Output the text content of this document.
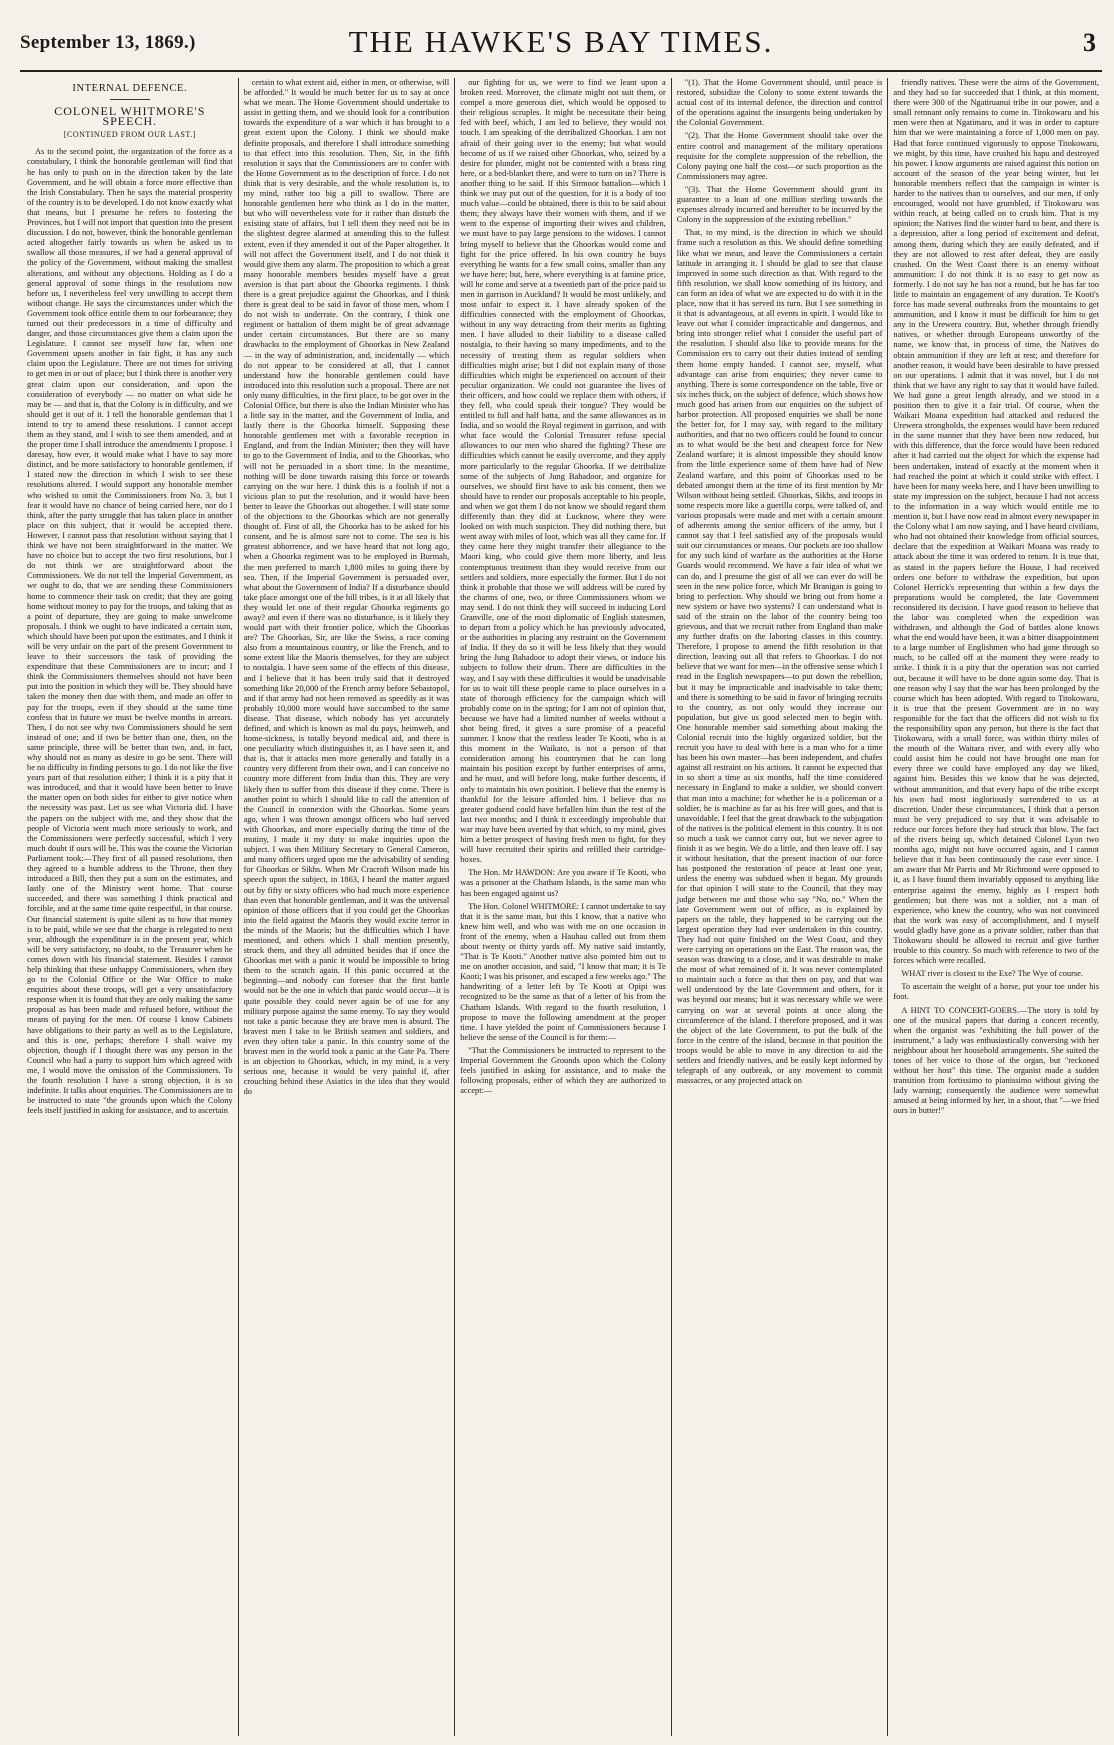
September 13, 1869.)	THE HAWKE'S BAY TIMES.	3
INTERNAL DEFENCE.
COLONEL WHITMORE'S SPEECH.
[CONTINUED FROM OUR LAST.]

As to the second point, the organization of the force as a constabulary, I think the honorable gentleman will find that he has only to push on in the direction taken by the late Government, and he will obtain a force more effective than the Irish Constabulary. Then he says the material prosperity of the country is to be developed. I do not know exactly what that means, but I presume he refers to fostering the Provinces, but I will not import that question into the present discussion. I do not, however, think the honorable gentleman acted altogether fairly towards us when he asked us to swallow all those measures, if we had a general approval of the policy of the Government, without making the smallest alterations, and without any objections. Holding as I do a general approval of some things in the resolutions now before us, I nevertheless feel very unwilling to accept them without change. He says the circumstances under which the Government took office entitle them to our forbearance; they turned out their predecessors in a time of difficulty and danger, and those circumstances give them a claim upon the Legislature. I cannot see myself how far, when one Government upsets another in fair fight, it has any such claim upon the Legislature. There are not times for striving to get men in or out of place; but I think there is another very great claim upon our consideration, and upon the consideration of everybody — no matter on what side he may be — and that is, that the Colony is in difficulty, and we should get it out of it. I tell the honorable gentleman that I intend to try to amend these resolutions. I cannot accept them as they stand, and I wish to see them amended, and at the proper time I shall introduce the amendments I propose. I daresay, how ever, it would make what I have to say more distinct, and be more satisfactory to honorable gentlemen, if I stated now the direction in which I wish to see these resolutions altered. I would support any honorable member who wished to omit the Commissioners from No. 3, but I fear it would have no chance of being carried here, nor do I think, after the party struggle that has taken place in another place on this subject, that it would be accepted there. However, I cannot pass that resolution without saying that I think we have not been straightforward in the matter. We have no choice but to accept the two first resolutions, but I do not think we are straightforward about the Commissioners. We do not tell the Imperial Government, as we ought to do, that we are sending these Commissioners home to commence their task on credit; that they are going home without money to pay for the troops, and taking that as a point of departure, they are going to make unwelcome proposals. I think we ought to have indicated a certain sum, which should have been put upon the estimates, and I think it will be very unfair on the part of the present Government to leave to their successors the task of providing the expenditure that these Commissioners are to incur; and I think the Commissioners themselves should not have been put into the position in which they will be. They should have taken the money then due with them, and made an offer to pay for the troops, even if they should at the same time confess that in future we must be twelve months in arrears. Then, I do not see why two Commissioners should be sent instead of one; and if two be better than one, then, on the same principle, three will be better than two, and, in fact, why should not as many as desire to go be sent. There will be no difficulty in finding persons to go. I do not like the five years part of that resolution either; I think it is a pity that it was introduced, and that it would have been better to leave the matter open on both sides for either to give notice when the necessity was past. Let us see what Victoria did. I have the papers on the subject with me, and they show that the people of Victoria went much more seriously to work, and the Commissioners were perfectly successful, which I very much doubt if ours will be. This was the course the Victorian Parliament took:—They first of all passed resolutions, then they agreed to a humble address to the Throne, then they introduced a Bill, then they put a sum on the estimates, and lastly one of the Ministry went home. That course succeeded, and there was something I think practical and forcible, and at the same time quite respectful, in that course. Our financial statement is quite silent as to how that money is to be paid, while we see that the charge is relegated to next year, although the expenditure is in the present year, which will be very satisfactory, no doubt, to the Treasurer when he comes down with his financial statement. Besides I cannot help thinking that these unhappy Commissioners, when they go to the Colonial Office or the War Office to make enquiries about these troops, will get a very unsatisfactory response when it is found that they are only making the same proposal as has been made and refused before, without the means of paying for the men. Of course I know Cabinets have obligations to their party as well as to the Legislature, and this is one, perhaps; therefore I shall waive my objection, though if I thought there was any person in the Council who had a party to support him which agreed with me, I would move the omission of the Commissioners. To the fourth resolution I have a strong objection, it is so indefinite. It talks about enquiries. The Commissioners are to be instructed to state "the grounds upon which the Colony feels itself justified in asking for assistance, and to ascertain

certain to what extent aid, either in men, or otherwise, will be afforded." It would be much better for us to say at once what we mean. The Home Government should undertake to assist in getting them, and we should look for a contribution towards the expenditure of a war which it has brought to a great extent upon the Colony. I think we should make definite proposals, and therefore I shall introduce something to that effect into this resolution. Then, Sir, in the fifth resolution it says that the Commissioners are to confer with the Home Government as to the description of force. I do not think that is very desirable, and the whole resolution is, to my mind, rather too big a pill to swallow. There are honorable gentlemen here who think as I do in the matter, but who will nevertheless vote for it rather than disturb the existing state of affairs, but I tell them they need not be in the slightest degree alarmed at amending this to the fullest extent, even if they amended it out of the Paper altogether. It will not affect the Government itself, and I do not think it would give them any alarm. The proposition to which a great many honorable members besides myself have a great aversion is that part about the Ghoorka regiments. I think there is a great prejudice against the Ghoorkas, and I think there is great deal to be said in favor of those men, whom I do not wish to underrate. On the contrary, I think one regiment or battalion of them might be of great advantage under certain circumstances. But there are so many drawbacks to the employment of Ghoorkas in New Zealand — in the way of administration, and, incidentally — which do not appear to be considered at all, that I cannot understand how the honorable gentlemen could have introduced into this resolution such a proposal. There are not only many difficulties, in the first place, to be got over in the Colonial Office, but there is also the Indian Minister who has a little say in the matter, and the Government of India, and lastly there is the Ghoorka himself. Supposing these honorable gentlemen met with a favorable reception in England, and from the Indian Minister; then they will have to go to the Government of India, and to the Ghoorkas, who will not be persuaded in a short time. In the meantime, nothing will be done towards raising this force or towards carrying on the war here. I think this is a foolish if not a vicious plan to put the resolution, and it would have been better to leave the Ghoorkas out altogether. I will state some of the objections to the Ghoorkas which are not generally thought of. First of all, the Ghoorka has to be asked for his consent, and he is almost sure not to come. The sea is his greatest abhorrence, and we have heard that not long ago, when a Ghoorka regiment was to be employed in Burmah, the men preferred to march 1,800 miles to going there by sea. Then, if the Imperial Government is persuaded over, what about the Government of India? If a disturbance should take place amongst one of the hill tribes, is it at all likely that they would let one of their regular Ghoorka regiments go away? and even if there was no disturbance, is it likely they would part with their frontier police, which the Ghoorkas are? The Ghoorkas, Sir, are like the Swiss, a race coming also from a mountainous country, or like the French, and to some extent like the Maoris themselves, for they are subject to nostalgia. I have seen some of the effects of this disease, and I believe that it has been truly said that it destroyed something like 20,000 of the French army before Sebastopol, and if that army had not been removed as speedily as it was probably 10,000 more would have succumbed to the same disease. That disease, which nobody has yet accurately defined, and which is known as mal du pays, heimweh, and home-sickness, is totally beyond medical aid, and there is one peculiarity which distinguishes it, as I have seen it, and that is, that it attacks men more generally and fatally in a country very different from their own, and I can conceive no country more different from India than this. They are very likely then to suffer from this disease if they come. There is another point to which I should like to call the attention of the Council in connexion with the Ghoorkas. Some years ago, when I was thrown amongst officers who had served with Ghoorkas, and more especially during the time of the mutiny, I made it my duty to make inquiries upon the subject. I was then Military Secretary to General Cameron, and many officers urged upon me the advisability of sending for Ghoorkas or Sikhs. When Mr Cracroft Wilson made his speech upon the subject, in 1863, I heard the matter argued out by fifty or sixty officers who had much more experience than even that honorable gentleman, and it was the universal opinion of those officers that if you could get the Ghoorkas into the field against the Maoris they would excite terror in the minds of the Maoris; but the difficulties which I have mentioned, and others which I shall mention presently, struck them, and they all admitted besides that if once the Ghoorkas met with a panic it would be impossible to bring them to the scratch again. If this panic occurred at the beginning—and nobody can foresee that the first battle would not be the one in which that panic would occur—it is quite possible they could never again be of use for any military purpose against the same enemy. To say they would not take a panic because they are brave men is absurd. The bravest men I take to be British seamen and soldiers, and even they often take a panic. In this country some of the bravest men in the world took a panic at the Gate Pa. There is an objection to Ghoorkas, which, in my mind, is a very serious one, because it would be very painful if, after crouching behind these Asiatics in the idea that they would do

our fighting for us, we were to find we leant upon a broken reed. Moreover, the climate might not suit them, or compel a more generous diet, which would be opposed to their religious scruples. It might be necessitate their being fed with beef, which, I am led to believe, they would not touch. I am speaking of the detribalized Ghoorkas. I am not afraid of their going over to the enemy; but what would become of us if we raised other Ghoorkas, who, seized by a desire for plunder, might not be contented with a brass ring here, or a bed-blanket there, and were to turn on us? There is another thing to be said. If this Sirmoor battalion—which I think we may put out of the question, for it is a body of too much value—could be obtained, there is this to be said about them; they always have their women with them, and if we went to the expense of importing their wives and children, we must have to pay large pensions to the widows. I cannot bring myself to believe that the Ghoorkas would come and fight for the price offered. In his own country he buys everything he wants for a few small coins, smaller than any we have here; but, here, where everything is at famine price, will he come and serve at a twentieth part of the price paid to men in garrison in Auckland? It would be most unlikely, and most unfair to expect it. I have already spoken of the difficulties connected with the employment of Ghoorkas, without in any way detracting from their merits as fighting men. I have alluded to their liability to a disease called nostalgia, to their having so many impediments, and to the necessity of treating them as regular soldiers when difficulties might arise; but I did not explain many of those difficulties which might be experienced on account of their peculiar organization. We could not guarantee the lives of their officers, and how could we replace them with others, if they fell, who could speak their tongue? They would be entitled to full and half batta, and the same allowances as in India, and so would the Royal regiment in garrison, and with what face would the Colonial Treasurer refuse special allowances to our men who shared the fighting? These are difficulties which cannot be easily overcome, and they apply more particularly to the regular Ghoorka. If we detribalize some of the subjects of Jung Bahadoor, and organize for ourselves, we should first have to ask his consent, then we should have to render our proposals acceptable to his people, and when we got them I do not know we should regard them differently than they did at Lucknow, where they were looked on with much suspicion. They did nothing there, but went away with miles of loot, which was all they came for. If they came here they might transfer their allegiance to the Maori king, who could give them more liberty, and less contemptuous treatment than they would receive from our settlers and soldiers, more especially the former. But I do not think it probable that those we will address will be cured by the charms of one, two, or three Commissioners whom we may send. I do not think they will succeed in inducing Lord Granville, one of the most diplomatic of English statesmen, to depart from a policy which he has previously advocated, or the authorities in placing any restraint on the Government of India. If they do so it will be less likely that they would bring the Jung Bahadoor to adopt their views, or induce his subjects to follow their drum. There are difficulties in the way, and I say with these difficulties it would be unadvisable for us to wait till these people came to place ourselves in a state of thorough efficiency for the campaign which will probably come on in the spring; for I am not of opinion that, because we have had a limited number of weeks without a shot being fired, it gives a sure promise of a peaceful summer. I know that the restless leader Te Kooti, who is at this moment in the Waikato, is not a person of that consideration among his countrymen that he can long maintain his position except by further enterprises of arms, and he must, and will before long, make further descents, if only to maintain his own position. I believe that the enemy is thankful for the leisure afforded him. I believe that no greater godsend could have befallen him than the rest of the last two months; and I think it exceedingly improbable that war may have been averted by that which, to my mind, gives him a better prospect of having fresh men to fight, for they will have recruited their spirits and refilled their cartridge-boxes.

The Hon. Mr HAWDON: Are you aware if Te Kooti, who was a prisoner at the Chatham Islands, is the same man who has been engaged against us?

The Hon. Colonel WHITMORE: I cannot undertake to say that it is the same man, but this I know, that a native who knew him well, and who was with me on one occasion in front of the enemy, when a Hauhau called out from them about twenty or thirty yards off. My native said instantly, "That is Te Kooti." Another native also pointed him out to me on another occasion, and said, "I know that man; it is Te Kooti; I was his prisoner, and escaped a few weeks ago." The handwriting of a letter left by Te Kooti at Opipi was recognized to be the same as that of a letter of his from the Chatham Islands. With regard to the fourth resolution, I propose to move the following amendment at the proper time. I have yielded the point of Commissioners because I believe the sense of the Council is for them:—

"That the Commissioners be instructed to represent to the Imperial Government the Grounds upon which the Colony feels justified in asking for assistance, and to make the following proposals, either of which they are authorized to accept:—

"(1). That the Home Government should, until peace is restored, subsidize the Colony to some extent towards the actual cost of its internal defence, the direction and control of the operations against the insurgents being undertaken by the Colonial Government.

"(2). That the Home Government should take over the entire control and management of the military operations requisite for the complete suppression of the rebellion, the Colony paying one half the cost—or such proportion as the Commissioners may agree.

"(3). That the Home Government should grant its guarantee to a loan of one million sterling towards the expenses already incurred and hereafter to be incurred by the Colony in the suppression of the existing rebellion."

That, to my mind, is the direction in which we should frame such a resolution as this. We should define something like what we mean, and leave the Commissioners a certain latitude in arranging it. I should be glad to see that clause improved in some such direction as that. With regard to the fifth resolution, we shall know something of its history, and can form an idea of what we are expected to do with it in the place, now that it has served its turn. But I see something in it that is advantageous, at all events in spirit. I would like to leave out what I consider impracticable and dangerous, and bring into stronger relief what I consider the useful part of the resolution. I should also like to provide means for the Commission ers to carry out their duties instead of sending them home empty handed. I cannot see, myself, what advantage can arise from enquiries; they never came to anything. There is some correspondence on the table, five or six inches thick, on the subject of defence, which shows how much good has arisen from our enquiries on the subject of harbor protection. All proposed enquiries we shall be none the better for, for I may say, with regard to the military authorities, and that no two officers could be found to concur as to what would be the best and cheapest force for New Zealand warfare; it is almost impossible they should know from the little experience some of them have had of New Zealand warfare, and this point of Ghoorkas used to be debated amongst them at the time of its first mention by Mr Wilson without being settled. Ghoorkas, Sikhs, and troops in some respects more like a guerilla corps, were talked of, and various proposals were made and met with a certain amount of adherents among the senior officers of the army, but I cannot say that I feel satisfied any of the proposals would suit our circumstances or means. Our pockets are too shallow for any such kind of warfare as the authorities at the Horse Guards would recommend. We have a fair idea of what we can do, and I presume the gist of all we can ever do will be seen in the new police force, which Mr Branigan is going to bring to perfection. Why should we bring out from home a new system or have two systems? I can understand what is said of the strain on the labor of the country being too grievous, and that we recruit rather from England than make any further drafts on the laboring classes in this country. Therefore, I propose to amend the fifth resolution in that direction, leaving out all that refers to Ghoorkas. I do not believe that we want for men—in the offensive sense which I read in the English newspapers—to put down the rebellion, but it may be impracticable and inadvisable to take them; and there is something to be said in favor of bringing recruits to the country, as not only would they increase our population, but give us good selected men to begin with. One honorable member said something about making the Colonial recruit into the highly organized soldier, but the recruit you have to deal with here is a man who for a time has been his own master—has been independent, and chafes against all restraint on his actions. It cannot be expected that in so short a time as six months, half the time considered necessary in England to make a soldier, we should convert that man into a machine; for whether he is a policeman or a soldier, he is machine as far as his free will goes, and that is unavoidable. I feel that the great drawback to the subjugation of the natives is the political element in this country. It is not so much a task we cannot carry out, but we never agree to finish it as we begin. We do a little, and then leave off. I say it without hesitation, that the present inaction of our force has postponed the restoration of peace at least one year, unless the enemy was subdued when it began. My grounds for that opinion I will state to the Council, that they may judge between me and those who say "No, no." When the late Government went out of office, as is explained by papers on the table, they happened to be carrying out the largest operation they had ever undertaken in this country. They had not quite finished on the West Coast, and they were carrying on operations on the East. The reason was, the season was drawing to a close, and it was desirable to make the most of what remained of it. It was never contemplated to maintain such a force as that then on pay, and that was well understood by the late Government and others, for it was beyond our means; but it was necessary while we were carrying on war at several points at once along the circumference of the island. I therefore proposed, and it was the object of the late Government, to put the bulk of the force in the centre of the island, because in that position the troops would be able to move in any direction to aid the settlers and friendly natives, and be easily kept informed by telegraph of any outbreak, or any movement to commit massacres, or any projected attack on

friendly natives. These were the aims of the Government, and they had so far succeeded that I think, at this moment, there were 300 of the Ngatiruanui tribe in our power, and a small remnant only remains to come in. Titokowaru and his men were then at Ngatimaru, and it was in order to capture him that we were maintaining a force of 1,000 men on pay. Had that force continued vigorously to oppose Titokowaru, we might, by this time, have crushed his hapu and destroyed his power. I know arguments are raised against this notion on account of the season of the year being winter, but let honorable members reflect that the campaign in winter is harder to the natives than to ourselves, and our men, if only encouraged, would not have grumbled, if Titokowaru was within reach, at being called on to crush him. That is my opinion; the Natives find the winter hard to bear, and there is a depression, after a long period of excitement and defeat, among them, during which they are easily defeated, and if they are not allowed to rest after defeat, they are easily crushed. On the West Coast there is an enemy without ammunition: I do not think it is so easy to get now as formerly. I do not say he has not a round, but he has far too little to maintain an engagement of any duration. Te Kooti's force has made several outbreaks from the mountains to get ammunition, and I know it must be difficult for him to get any in the Urewera country. But, whether through friendly natives, or whether through Europeans unworthy of the name, we know that, in process of time, the Natives do obtain ammunition if they are left at rest; and therefore for another reason, it would have been desirable to have pressed on our operations. I admit that it was novel, but I do not think that we have any right to say that it would have failed. We had gone a great length already, and we stood in a position then to give it a fair trial. Of course, when the Waikari Moana expedition had attacked and reduced the Urewera strongholds, the expenses would have been reduced in the same manner that they have been now reduced, but with this difference, that the force would have been reduced after it had carried out the object for which the expense had been undertaken, instead of exactly at the moment when it had reached the point at which it could strike with effect. I have been for many weeks here, and I have been unwilling to state my impression on the subject, because I had not access to the information in a way which would entitle me to mention it, but I have now read in almost every newspaper in the Colony what I am now saying, and I have heard civilians, who had not obtained their knowledge from official sources, declare that the expedition at Waikari Moana was ready to attack about the time it was ordered to return. It is true that, as stated in the papers before the House, I had received orders one before to withdraw the expedition, but upon Colonel Herrick's representing that within a few days the preparations would be completed, the late Government reconsidered its decision. I have good reason to believe that the labor was completed when the expedition was withdrawn, and although the God of battles alone knows what the end would have been, it was a bitter disappointment to a large number of Englishmen who had gone through so much, to be called off at the moment they were ready to strike. I think it is a pity that the operation was not carried out, because it will have to be done again some day. That is one reason why I say that the war has been prolonged by the course which has been adopted. With regard to Titokowaru, it is true that the present Government are in no way responsible for the fact that the officers did not wish to fix the responsibility upon any person, but there is the fact that Titokowaru, with a small force, was within thirty miles of the mouth of the Waitara river, and with every ally who could assist him he could not have brought one man for every three we could have employed any day we liked, against him. Besides this we know that he was dejected, without ammunition, and that every hapu of the tribe except his own had most ingloriously surrendered to us at discretion. Under these circumstances, I think that a person must be very prejudiced to say that it was advisable to reduce our forces before they had struck that blow. The fact of the rivers being up, which detained Colonel Lyon two months ago, might not have occurred again, and I cannot believe that it has been continuously the case ever since. I am aware that Mr Parris and Mr Richmond were opposed to it, as I have found them invariably opposed to anything like enterprise against the enemy, highly as I respect both gentlemen; but there was not a soldier, not a man of experience, who knew the country, who was not convinced that the work was easy of accomplishment, and I myself would gladly have gone as a private soldier, rather than that Titokowaru should be allowed to recruit and give further trouble to this country. So much with reference to two of the forces which were recalled.

WHAT river is closest to the Exe? The Wye of course.

To ascertain the weight of a horse, put your toe under his foot.

A HINT TO CONCERT-GOERS.—The story is told by one of the musical papers that during a concert recently, when the organist was "exhibiting the full power of the instrument," a lady was enthusiastically conversing with her neighbour about her household arrangements. She suited the tones of her voice to those of the organ, but "reckoned without her host" this time. The organist made a sudden transition from fortissimo to pianissimo without giving the lady warning; consequently the audience were somewhat amused at being informed by her, in a shout, that "—we fried ours in butter!"
